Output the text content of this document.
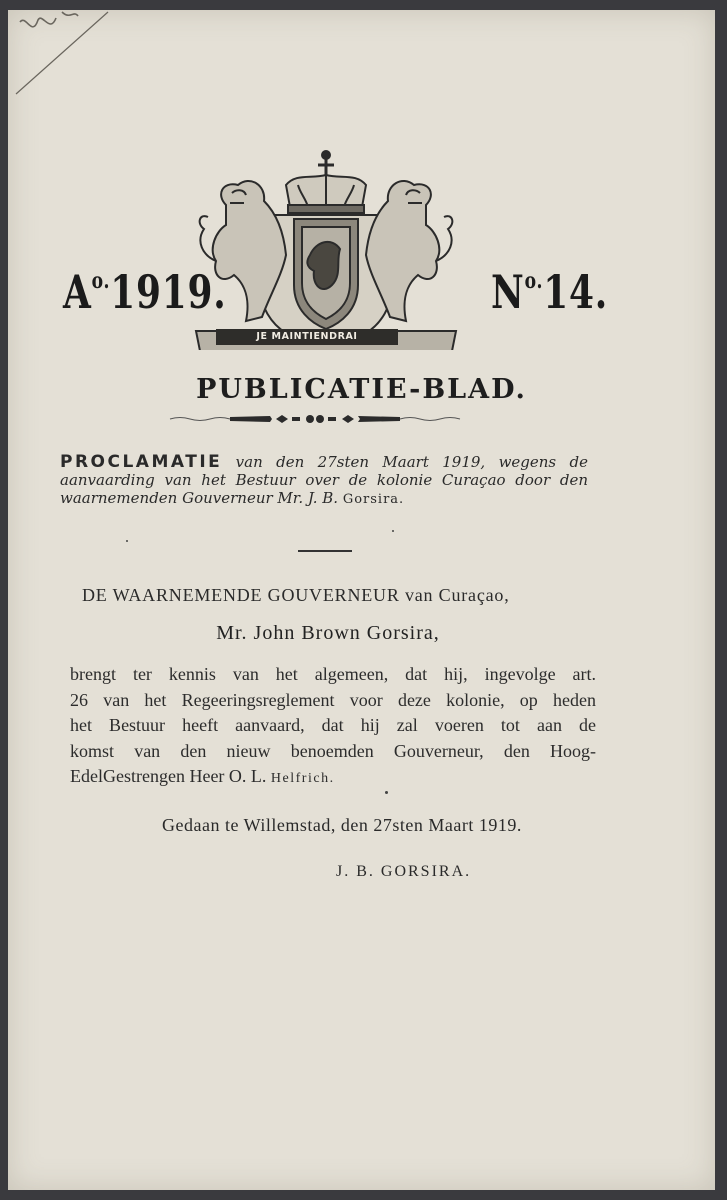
$A^{o.}1919$.	$N^{o.}14$.
JE MAINTIENDRAI
PUBLICATIE-BLAD.
PROCLAMATIE van den 27sten Maart 1919, wegens de aanvaarding van het Bestuur over de kolonie Curaçao door den waarnemenden Gouverneur Mr. J. B. Gorsira.
DE WAARNEMENDE GOUVERNEUR van Curaçao,
Mr. John Brown Gorsira,
brengt ter kennis van het algemeen, dat hij, ingevolge art.
26 van het Regeeringsreglement voor deze kolonie, op heden
het Bestuur heeft aanvaard, dat hij zal voeren tot aan de
komst van den nieuw benoemden Gouverneur, den Hoog-
EdelGestrengen Heer O. L. Helfrich.
Gedaan te Willemstad, den 27sten Maart 1919.
J. B. GORSIRA.
